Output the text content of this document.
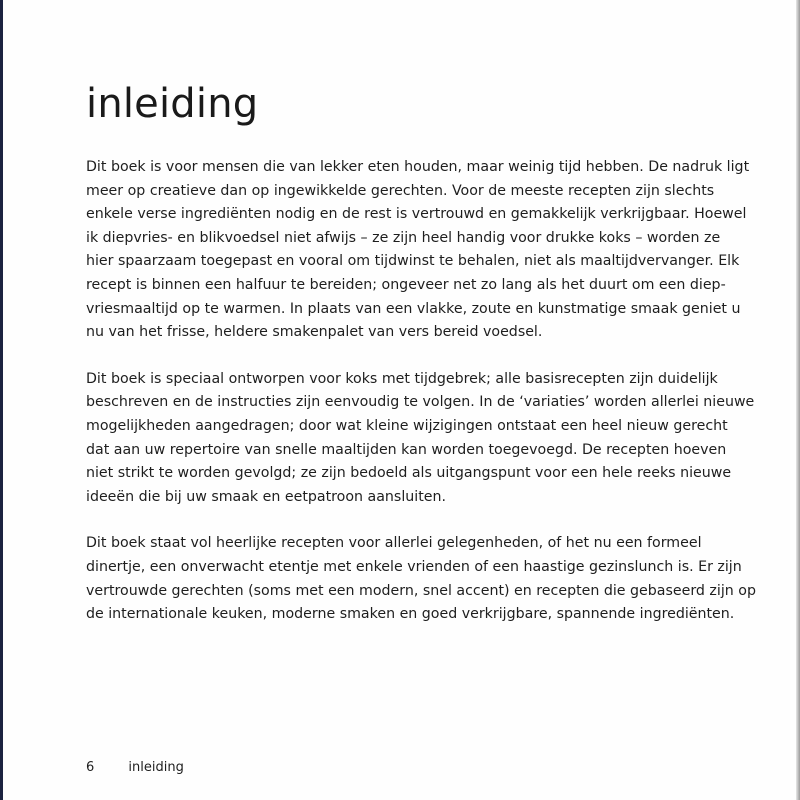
inleiding

Dit boek is voor mensen die van lekker eten houden, maar weinig tijd hebben. De nadruk ligt
meer op creatieve dan op ingewikkelde gerechten. Voor de meeste recepten zijn slechts
enkele verse ingrediënten nodig en de rest is vertrouwd en gemakkelijk verkrijgbaar. Hoewel
ik diepvries- en blikvoedsel niet afwijs – ze zijn heel handig voor drukke koks – worden ze
hier spaarzaam toegepast en vooral om tijdwinst te behalen, niet als maaltijdvervanger. Elk
recept is binnen een halfuur te bereiden; ongeveer net zo lang als het duurt om een diep-
vriesmaaltijd op te warmen. In plaats van een vlakke, zoute en kunstmatige smaak geniet u
nu van het frisse, heldere smakenpalet van vers bereid voedsel.

Dit boek is speciaal ontworpen voor koks met tijdgebrek; alle basisrecepten zijn duidelijk
beschreven en de instructies zijn eenvoudig te volgen. In de ‘variaties’ worden allerlei nieuwe
mogelijkheden aangedragen; door wat kleine wijzigingen ontstaat een heel nieuw gerecht
dat aan uw repertoire van snelle maaltijden kan worden toegevoegd. De recepten hoeven
niet strikt te worden gevolgd; ze zijn bedoeld als uitgangspunt voor een hele reeks nieuwe
ideeën die bij uw smaak en eetpatroon aansluiten.

Dit boek staat vol heerlijke recepten voor allerlei gelegenheden, of het nu een formeel
dinertje, een onverwacht etentje met enkele vrienden of een haastige gezinslunch is. Er zijn
vertrouwde gerechten (soms met een modern, snel accent) en recepten die gebaseerd zijn op
de internationale keuken, moderne smaken en goed verkrijgbare, spannende ingrediënten.

6	inleiding
